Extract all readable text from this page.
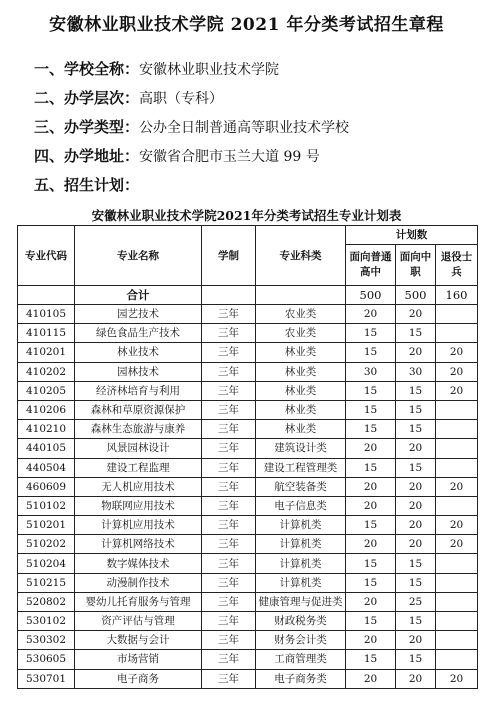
安徽林业职业技术学院 2021 年分类考试招生章程
一、学校全称：安徽林业职业技术学院
二、办学层次：高职（专科）
三、办学类型：公办全日制普通高等职业技术学校
四、办学地址：安徽省合肥市玉兰大道 99 号
五、招生计划：
安徽林业职业技术学院2021年分类考试招生专业计划表
专业代码	专业名称	学制	专业科类	计划数		
				面向普通高中	面向中职	退役士兵
	合计			500	500	160
410105	园艺技术	三年	农业类	20	20	
410115	绿色食品生产技术	三年	农业类	15	15	
410201	林业技术	三年	林业类	15	20	20
410202	园林技术	三年	林业类	30	30	20
410205	经济林培育与利用	三年	林业类	15	15	20
410206	森林和草原资源保护	三年	林业类	15	15	
410210	森林生态旅游与康养	三年	林业类	15	15	
440105	风景园林设计	三年	建筑设计类	20	20	
440504	建设工程监理	三年	建设工程管理类	15	15	
460609	无人机应用技术	三年	航空装备类	20	20	20
510102	物联网应用技术	三年	电子信息类	20	20	
510201	计算机应用技术	三年	计算机类	15	20	20
510202	计算机网络技术	三年	计算机类	20	20	20
510204	数字媒体技术	三年	计算机类	15	15	
510215	动漫制作技术	三年	计算机类	15	15	
520802	婴幼儿托育服务与管理	三年	健康管理与促进类	20	25	
530102	资产评估与管理	三年	财政税务类	15	15	
530302	大数据与会计	三年	财务会计类	20	20	
530605	市场营销	三年	工商管理类	15	15	
530701	电子商务	三年	电子商务类	20	20	20
